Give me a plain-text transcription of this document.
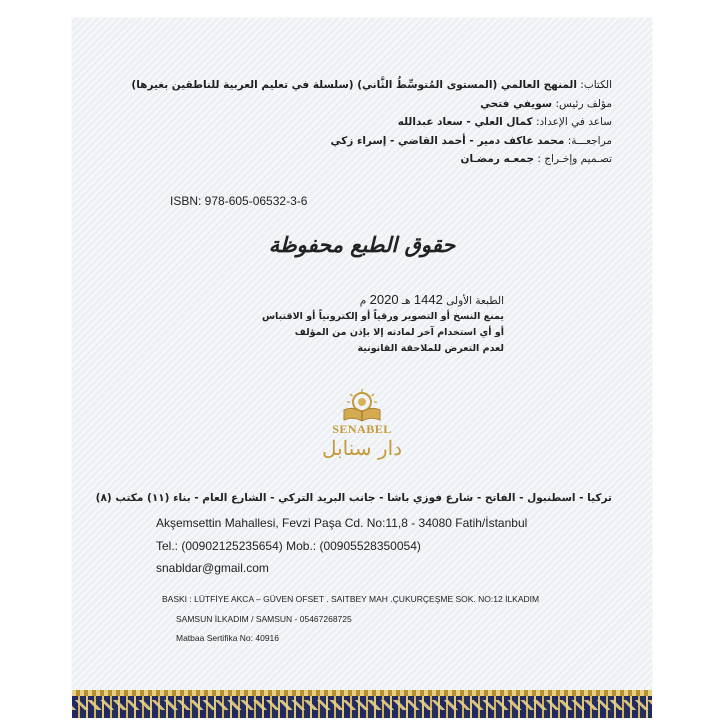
الكتاب: المنهج العالمي (المستوى المُتوسِّطُ الثَّاني) (سلسلة في تعليم العربية للناطقين بغيرها)
مؤلف رئيس: سويفي فتحي
ساعد في الإعداد: كمال العلي - سعاد عبدالله
مراجعـــة: محمد عاكف دمير - أحمد القاضي - إسراء زكي
تصـميم وإخـراج : جمعـه رمضـان
ISBN: 978-605-06532-3-6
حقوق الطبع محفوظة
الطبعة الأولى 1442 هـ 2020 م
يمنع النسخ أو التصوير ورقياً أو إلكترونياً أو الاقتباس
أو أي استخدام آخر لمادته إلا بإذن من المؤلف
لعدم التعرض للملاحقة القانونية
SENABEL
دار سنابل
تركيا - اسطنبول - الفاتح - شارع فوزي باشا - جانب البريد التركي - الشارع العام - بناء (١١) مكتب (٨)
Akşemsettin Mahallesi, Fevzi Paşa Cd. No:11,8 - 34080 Fatih/İstanbul
Tel.: (00902125235654) Mob.: (00905528350054)
snabldar@gmail.com
BASKI : LÜTFİYE AKCA – GÜVEN OFSET . SAITBEY MAH .ÇUKURÇEŞME SOK. NO:12 İLKADIM
SAMSUN İLKADIM / SAMSUN - 05467268725
Matbaa Sertifika No: 40916
